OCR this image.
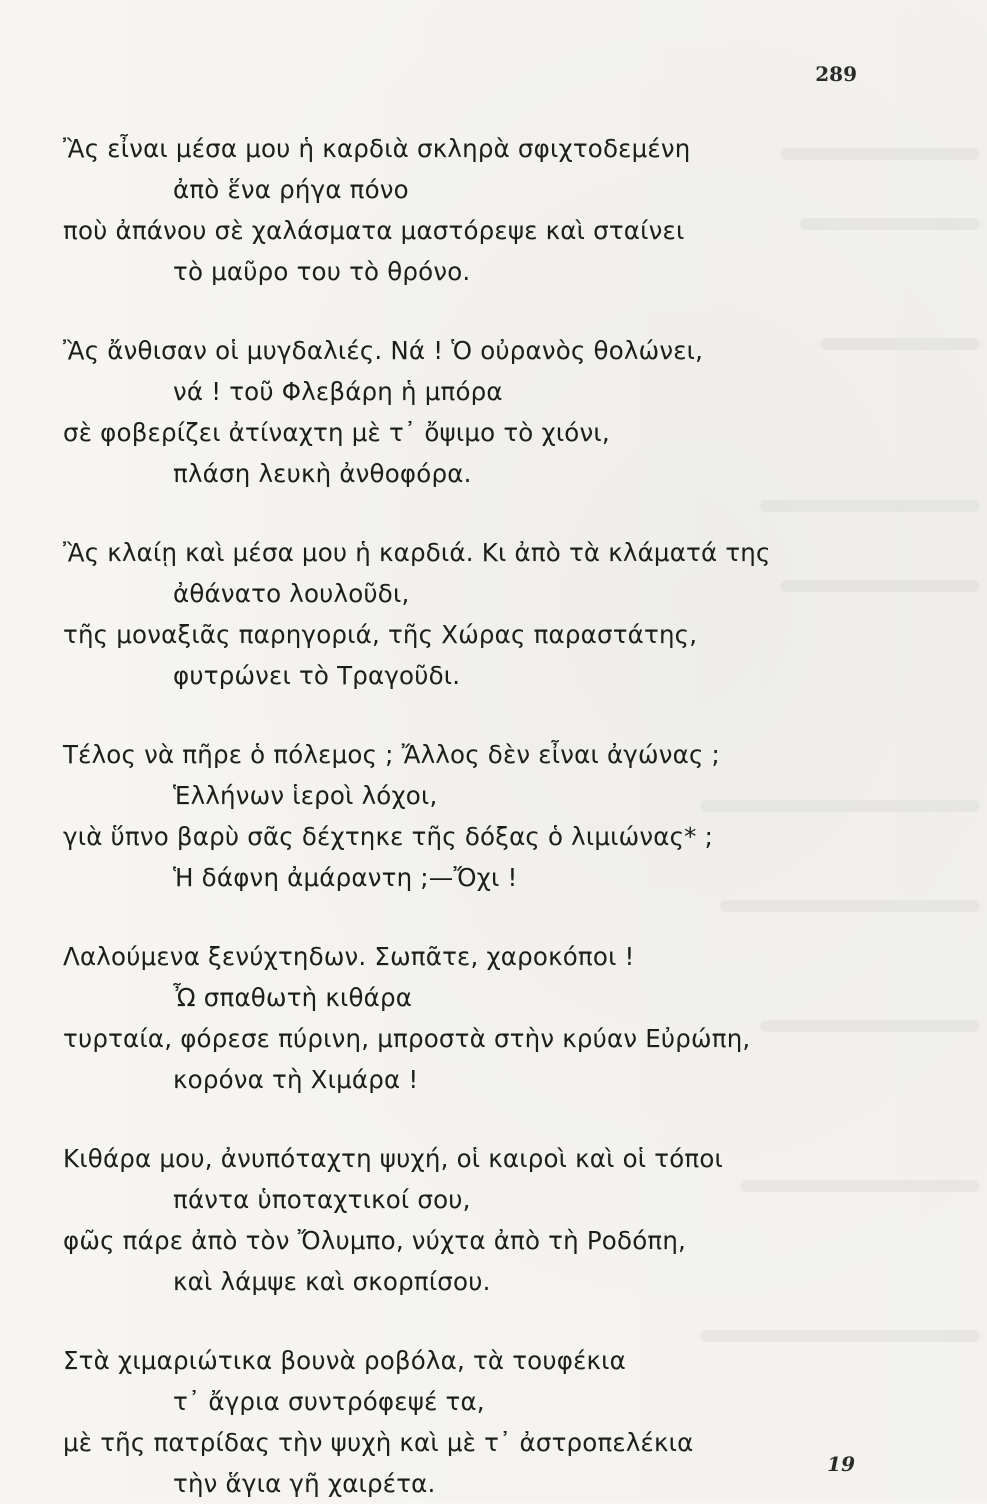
289
Ἂς εἶναι μέσα μου ἡ καρδιὰ σκληρὰ σφιχτοδεμένη
ἀπὸ ἕνα ρήγα πόνο
ποὺ ἀπάνου σὲ χαλάσματα μαστόρεψε καὶ σταίνει
τὸ μαῦρο του τὸ θρόνο.
Ἂς ἄνθισαν οἱ μυγδαλιές. Νά ! Ὁ οὐρανὸς θολώνει,
νά ! τοῦ Φλεβάρη ἡ μπόρα
σὲ φοβερίζει ἀτίναχτη μὲ τ᾽ ὄψιμο τὸ χιόνι,
πλάση λευκὴ ἀνθοφόρα.
Ἂς κλαίῃ καὶ μέσα μου ἡ καρδιά. Κι ἀπὸ τὰ κλάματά της
ἀθάνατο λουλοῦδι,
τῆς μοναξιᾶς παρηγοριά, τῆς Χώρας παραστάτης,
φυτρώνει τὸ Τραγοῦδι.
Τέλος νὰ πῆρε ὁ πόλεμος ; Ἄλλος δὲν εἶναι ἀγώνας ;
Ἑλλήνων ἱεροὶ λόχοι,
γιὰ ὕπνο βαρὺ σᾶς δέχτηκε τῆς δόξας ὁ λιμιώνας* ;
Ἡ δάφνη ἀμάραντη ;—Ὄχι !
Λαλούμενα ξενύχτηδων. Σωπᾶτε, χαροκόποι !
Ὦ σπαθωτὴ κιθάρα
τυρταία, φόρεσε πύρινη, μπροστὰ στὴν κρύαν Εὐρώπη,
κορόνα τὴ Χιμάρα !
Κιθάρα μου, ἀνυπόταχτη ψυχή, οἱ καιροὶ καὶ οἱ τόποι
πάντα ὑποταχτικοί σου,
φῶς πάρε ἀπὸ τὸν Ὄλυμπο, νύχτα ἀπὸ τὴ Ροδόπη,
καὶ λάμψε καὶ σκορπίσου.
Στὰ χιμαριώτικα βουνὰ ροβόλα, τὰ τουφέκια
τ᾽ ἄγρια συντρόφεψέ τα,
μὲ τῆς πατρίδας τὴν ψυχὴ καὶ μὲ τ᾽ ἀστροπελέκια
τὴν ἅγια γῆ χαιρέτα.
19
